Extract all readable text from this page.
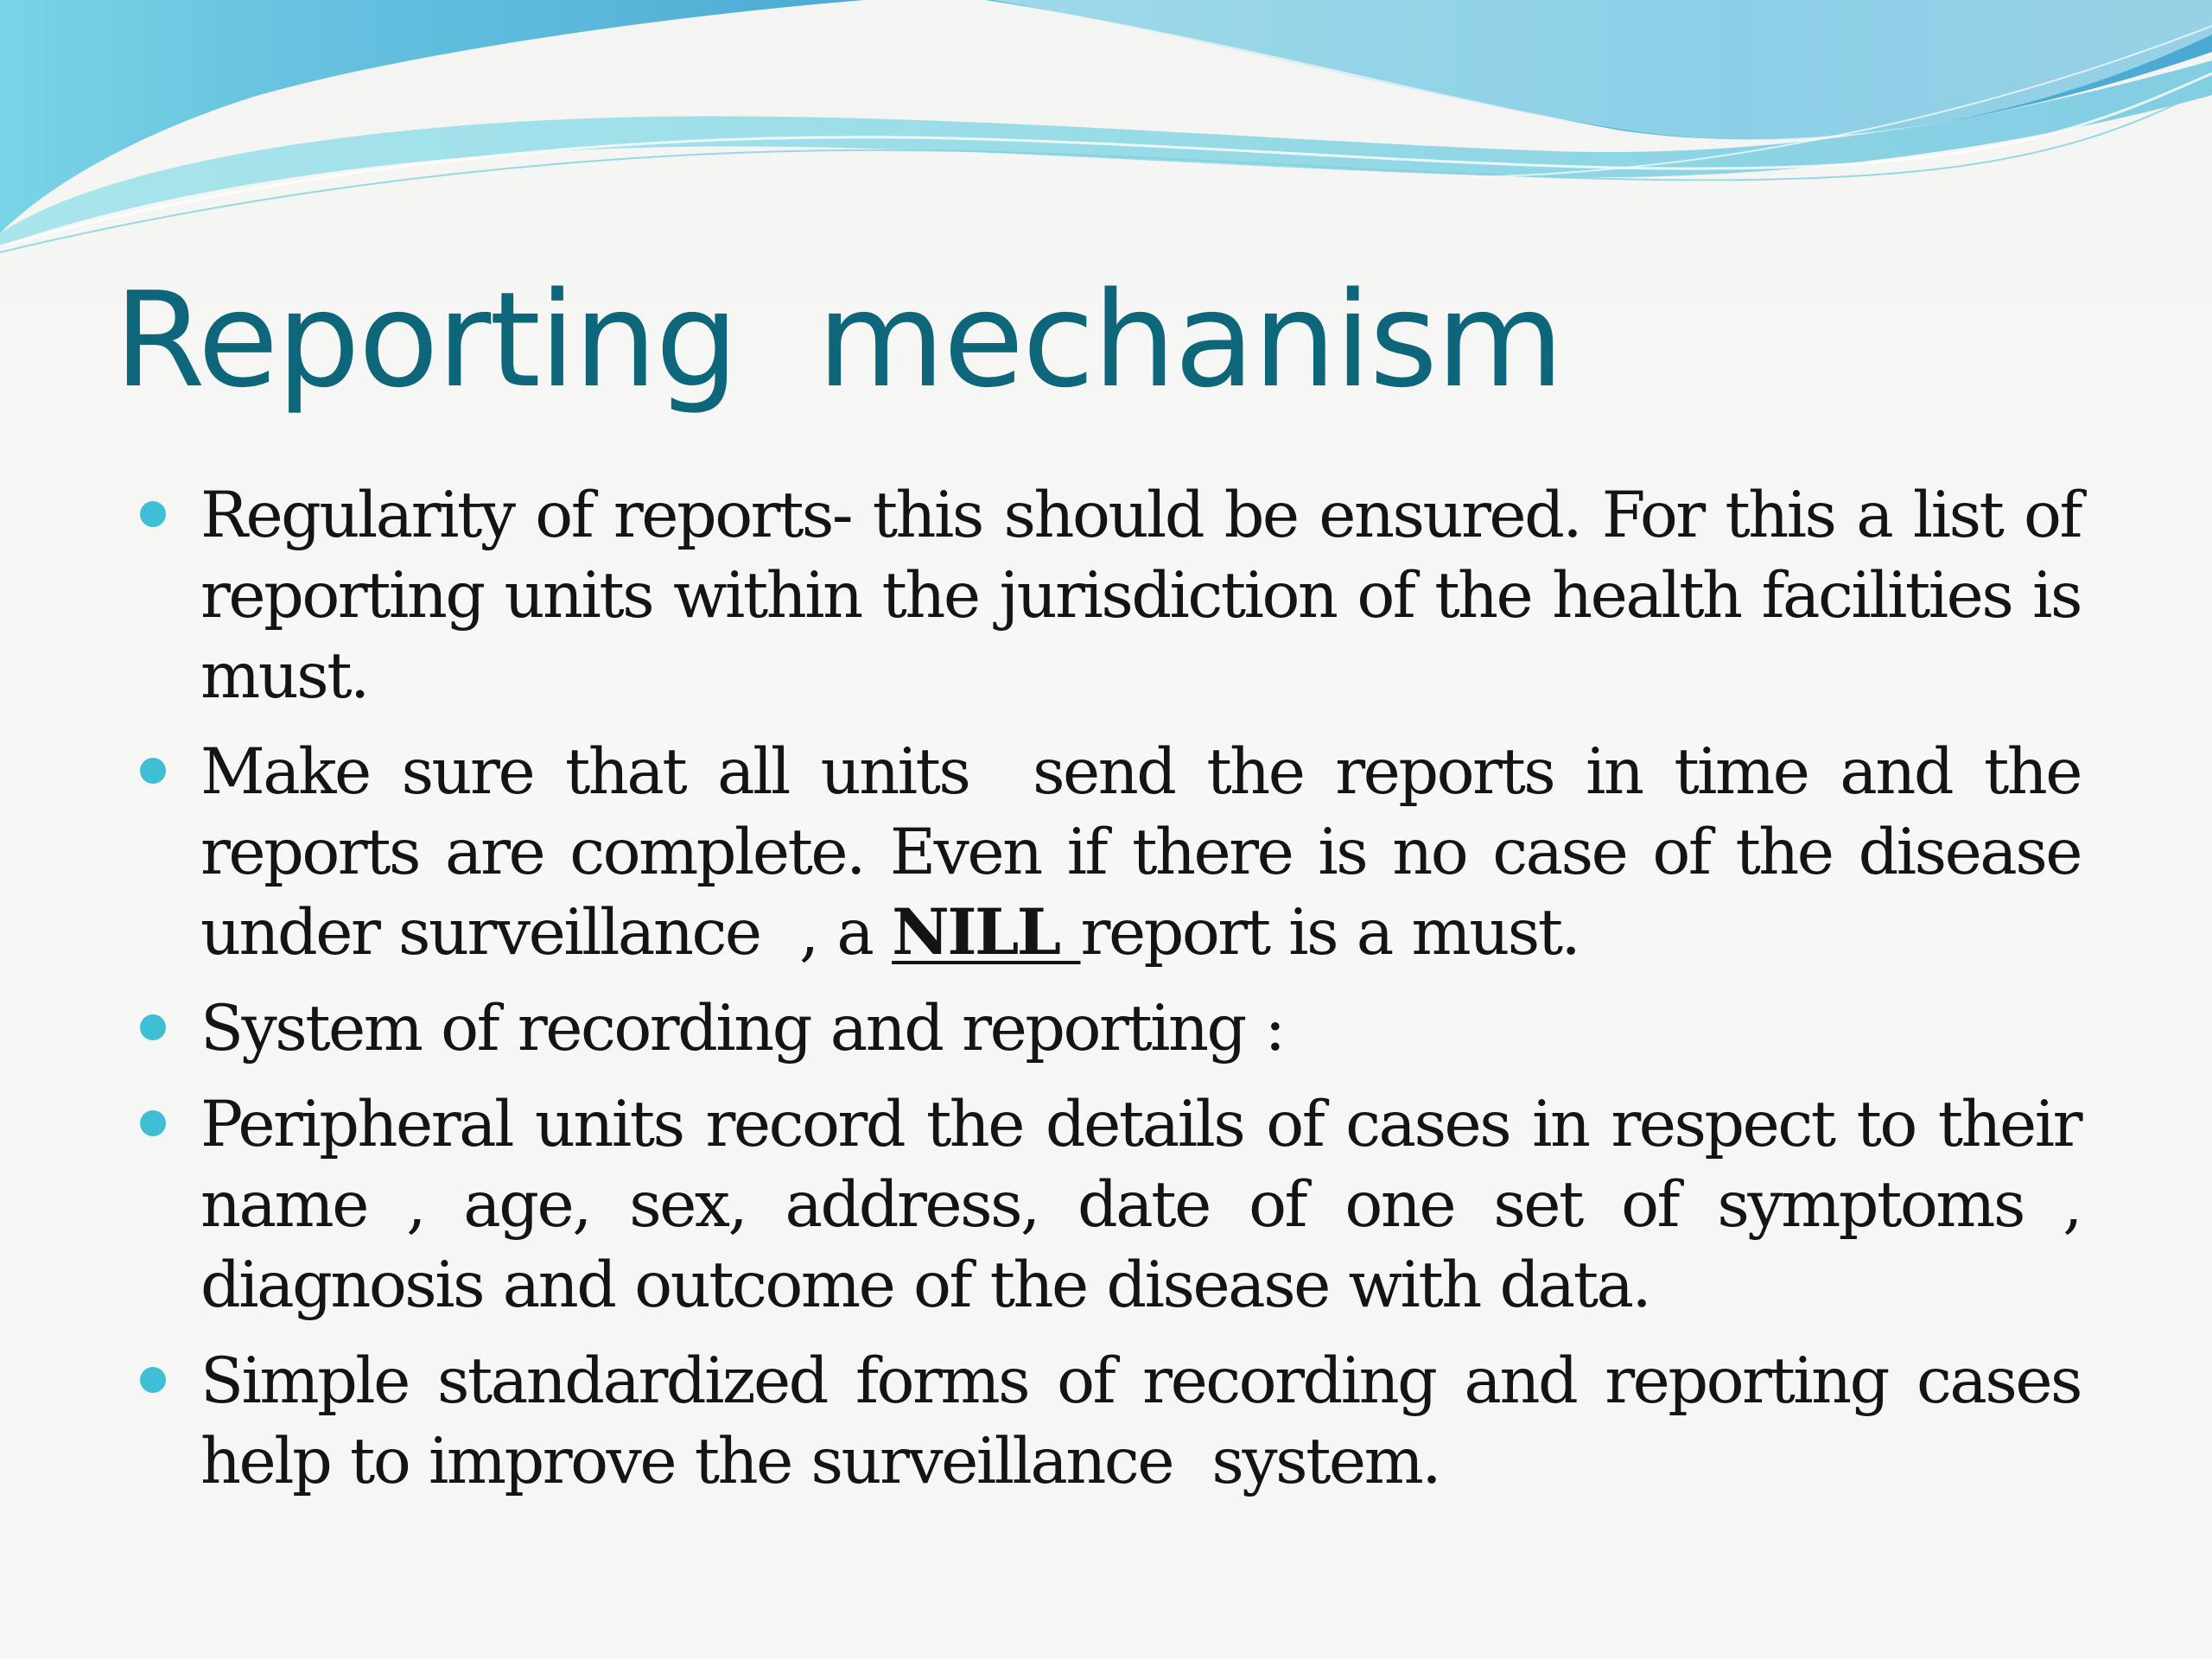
Reporting  mechanism
Regularity of reports- this should be ensured. For this a list of reporting units within the jurisdiction of the health facilities is must.
Make sure that all units  send the reports in time and the reports are complete. Even if there is no case of the disease under surveillance  , a NILL report is a must.
System of recording and reporting :
Peripheral units record the details of cases in respect to their name , age, sex, address, date of one set of symptoms , diagnosis and outcome of the disease with data.
Simple standardized forms of recording and reporting cases help to improve the surveillance  system.
